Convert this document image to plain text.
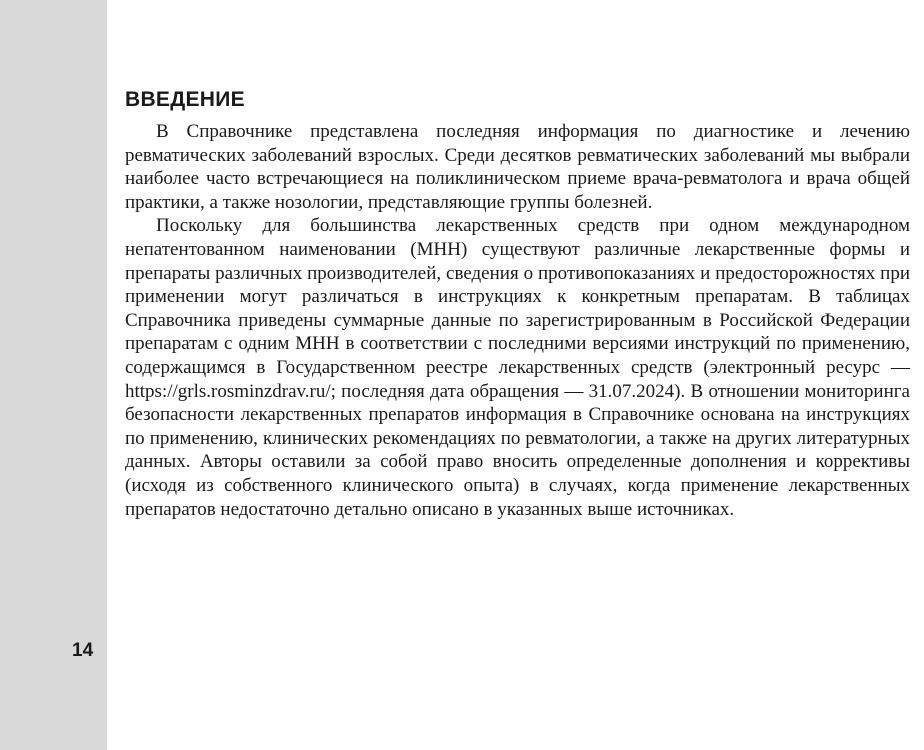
14
ВВЕДЕНИЕ

В Справочнике представлена последняя информация по диагностике и лечению ревматических заболеваний взрослых. Среди десятков ревматических заболеваний мы выбрали наиболее часто встречающиеся на поликлиническом приеме врача-ревматолога и врача общей практики, а также нозологии, представляющие группы болезней.

Поскольку для большинства лекарственных средств при одном международном непатентованном наименовании (МНН) существуют различные лекарственные формы и препараты различных производителей, сведения о противопоказаниях и предосторожностях при применении могут различаться в инструкциях к конкретным препаратам. В таблицах Справочника приведены суммарные данные по зарегистрированным в Российской Федерации препаратам с одним МНН в соответствии с последними версиями инструкций по применению, содержащимся в Государственном реестре лекарственных средств (электронный ресурс — https://grls.rosminzdrav.ru/; последняя дата обращения — 31.07.2024). В отношении мониторинга безопасности лекарственных препаратов информация в Справочнике основана на инструкциях по применению, клинических рекомендациях по ревматологии, а также на других литературных данных. Авторы оставили за собой право вносить определенные дополнения и коррективы (исходя из собственного клинического опыта) в случаях, когда применение лекарственных препаратов недостаточно детально описано в указанных выше источниках.
